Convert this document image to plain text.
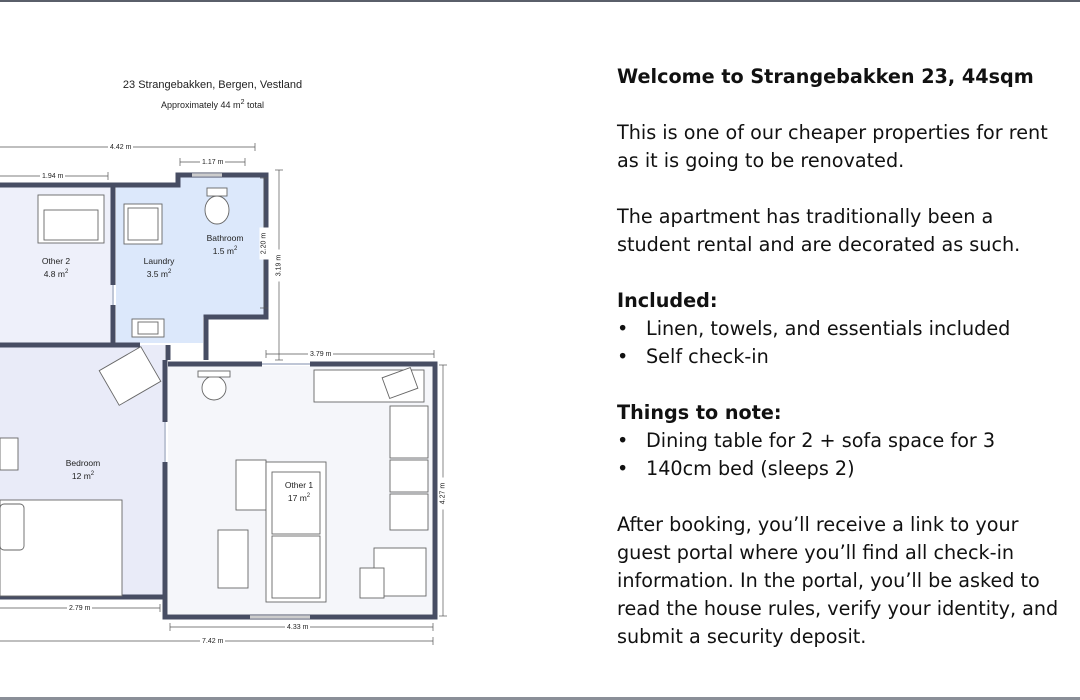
23 Strangebakken, Bergen, Vestland
Approximately 44 $m^2$ total
Other 2
4.8 $m^2$
Laundry
3.5 $m^2$
Bathroom
1.5 $m^2$
Bedroom
12 $m^2$
Other 1
17 $m^2$
4.42 m
1.94 m
1.17 m
2.20 m
3.19 m
3.79 m
4.27 m
2.79 m
4.33 m
7.42 m

Welcome to Strangebakken 23, 44sqm

This is one of our cheaper properties for rent

as it is going to be renovated.

The apartment has traditionally been a

student rental and are decorated as such.

Included:

• Linen, towels, and essentials included
• Self check-in

Things to note:

• Dining table for 2 + sofa space for 3
• 140cm bed (sleeps 2)

After booking, you’ll receive a link to your

guest portal where you’ll find all check-in

information. In the portal, you’ll be asked to

read the house rules, verify your identity, and

submit a security deposit.
